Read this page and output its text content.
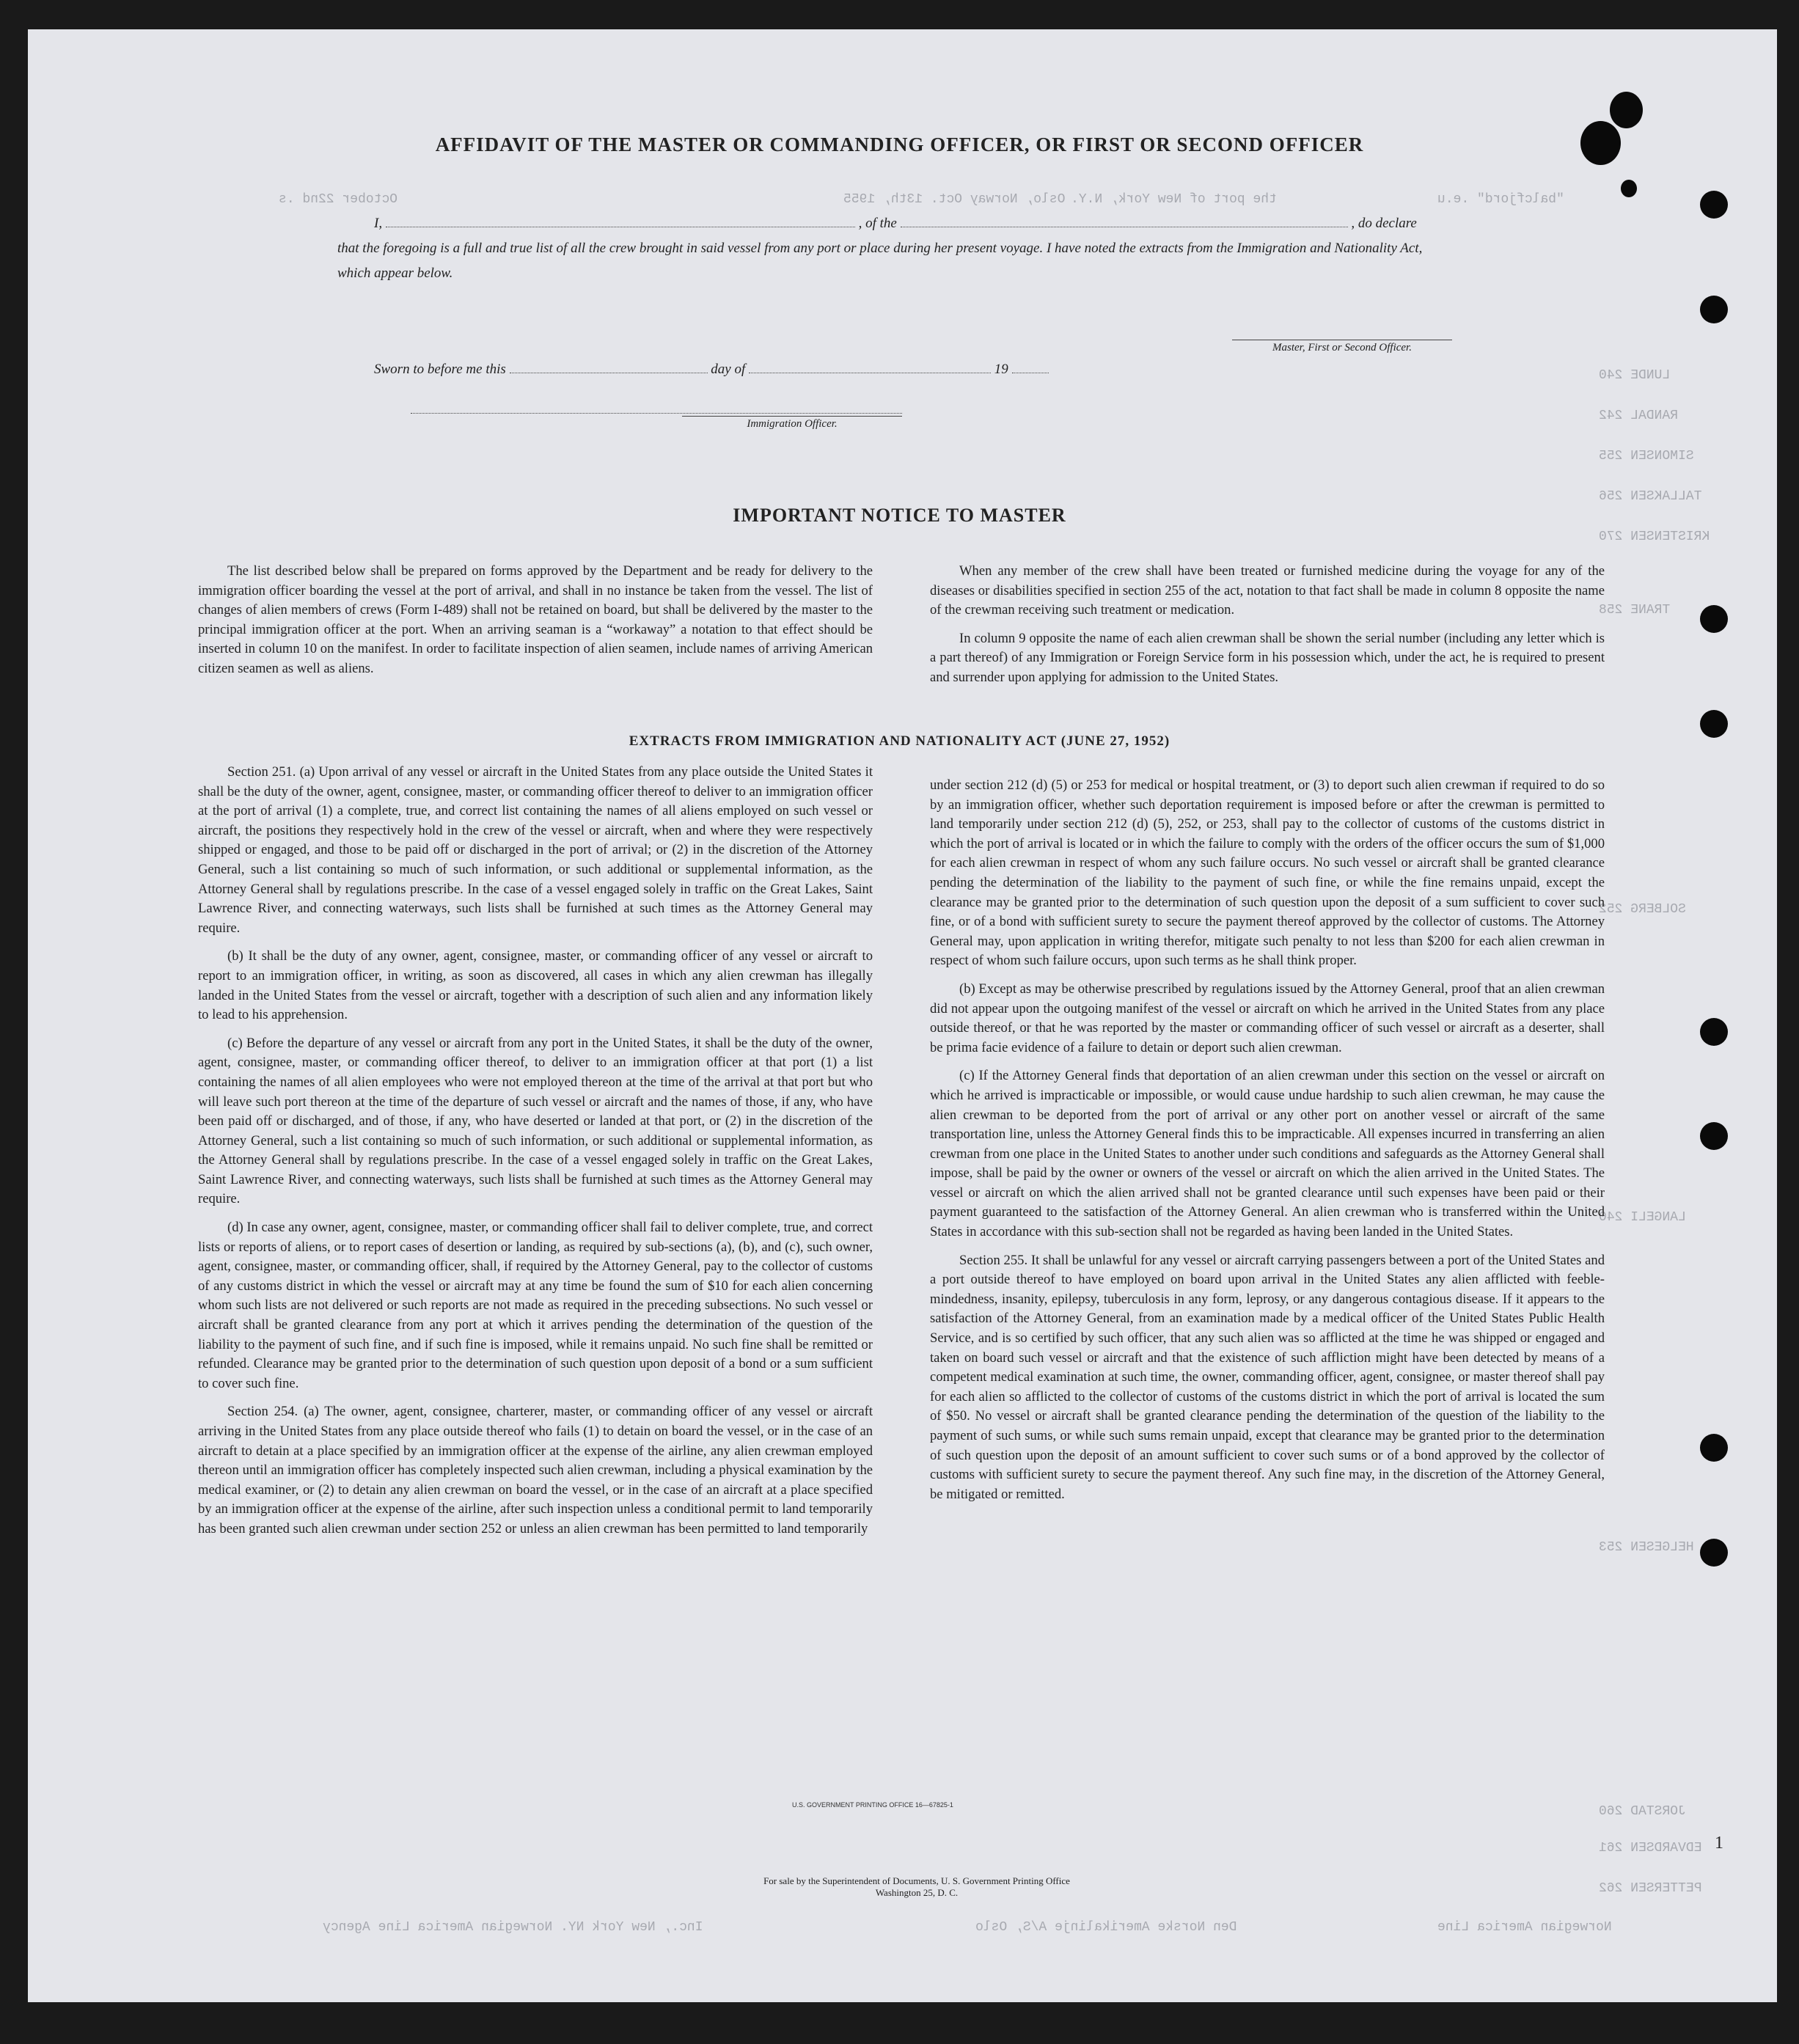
"balcfjord" .e.u
October 22nd .s	Oslo, Norway Oct. 13th, 1955 the port of New York, N.Y.
LUNDE 240
RANDAL 242
SIMONSEN 255
TALLAKSEN 256
KRISTENSEN 270
TRANE 258
SOLBERG 252
LANGELI 240
HELGESEN 253
JORSTAD 260
EDVARDSEN 261
PETTERSEN 262
Inc., New York NY. Norwegian America Line Agency	Den Norske Amerikalinje A/S, Oslo	Norwegian America Line
AFFIDAVIT OF THE MASTER OR COMMANDING OFFICER, OR FIRST OR SECOND OFFICER
I,	, of the	, do declare
that the foregoing is a full and true list of all the crew brought in said vessel from any port or place during her present voyage. I have noted the extracts from the Immigration and Nationality Act, which appear below.
Master, First or Second Officer.
Sworn to before me this	day of	19
Immigration Officer.
IMPORTANT NOTICE TO MASTER

The list described below shall be prepared on forms approved by the Department and be ready for delivery to the immigration officer boarding the vessel at the port of arrival, and shall in no instance be taken from the vessel. The list of changes of alien members of crews (Form I-489) shall not be retained on board, but shall be delivered by the master to the principal immigration officer at the port. When an arriving seaman is a “workaway” a notation to that effect should be inserted in column 10 on the manifest. In order to facilitate inspection of alien seamen, include names of arriving American citizen seamen as well as aliens.

When any member of the crew shall have been treated or furnished medicine during the voyage for any of the diseases or disabilities specified in section 255 of the act, notation to that fact shall be made in column 8 opposite the name of the crewman receiving such treatment or medication.

In column 9 opposite the name of each alien crewman shall be shown the serial number (including any letter which is a part thereof) of any Immigration or Foreign Service form in his possession which, under the act, he is required to present and surrender upon applying for admission to the United States.

EXTRACTS FROM IMMIGRATION AND NATIONALITY ACT (JUNE 27, 1952)

Section 251. (a) Upon arrival of any vessel or aircraft in the United States from any place outside the United States it shall be the duty of the owner, agent, consignee, master, or commanding officer thereof to deliver to an immigration officer at the port of arrival (1) a complete, true, and correct list containing the names of all aliens employed on such vessel or aircraft, the positions they respectively hold in the crew of the vessel or aircraft, when and where they were respectively shipped or engaged, and those to be paid off or discharged in the port of arrival; or (2) in the discretion of the Attorney General, such a list containing so much of such information, or such additional or supplemental information, as the Attorney General shall by regulations prescribe. In the case of a vessel engaged solely in traffic on the Great Lakes, Saint Lawrence River, and connecting waterways, such lists shall be furnished at such times as the Attorney General may require.

(b) It shall be the duty of any owner, agent, consignee, master, or commanding officer of any vessel or aircraft to report to an immigration officer, in writing, as soon as discovered, all cases in which any alien crewman has illegally landed in the United States from the vessel or aircraft, together with a description of such alien and any information likely to lead to his apprehension.

(c) Before the departure of any vessel or aircraft from any port in the United States, it shall be the duty of the owner, agent, consignee, master, or commanding officer thereof, to deliver to an immigration officer at that port (1) a list containing the names of all alien employees who were not employed thereon at the time of the arrival at that port but who will leave such port thereon at the time of the departure of such vessel or aircraft and the names of those, if any, who have been paid off or discharged, and of those, if any, who have deserted or landed at that port, or (2) in the discretion of the Attorney General, such a list containing so much of such information, or such additional or supplemental information, as the Attorney General shall by regulations prescribe. In the case of a vessel engaged solely in traffic on the Great Lakes, Saint Lawrence River, and connecting waterways, such lists shall be furnished at such times as the Attorney General may require.

(d) In case any owner, agent, consignee, master, or commanding officer shall fail to deliver complete, true, and correct lists or reports of aliens, or to report cases of desertion or landing, as required by sub-sections (a), (b), and (c), such owner, agent, consignee, master, or commanding officer, shall, if required by the Attorney General, pay to the collector of customs of any customs district in which the vessel or aircraft may at any time be found the sum of $10 for each alien concerning whom such lists are not delivered or such reports are not made as required in the preceding subsections. No such vessel or aircraft shall be granted clearance from any port at which it arrives pending the determination of the question of the liability to the payment of such fine, and if such fine is imposed, while it remains unpaid. No such fine shall be remitted or refunded. Clearance may be granted prior to the determination of such question upon deposit of a bond or a sum sufficient to cover such fine.

Section 254. (a) The owner, agent, consignee, charterer, master, or commanding officer of any vessel or aircraft arriving in the United States from any place outside thereof who fails (1) to detain on board the vessel, or in the case of an aircraft to detain at a place specified by an immigration officer at the expense of the airline, any alien crewman employed thereon until an immigration officer has completely inspected such alien crewman, including a physical examination by the medical examiner, or (2) to detain any alien crewman on board the vessel, or in the case of an aircraft at a place specified by an immigration officer at the expense of the airline, after such inspection unless a conditional permit to land temporarily has been granted such alien crewman under section 252 or unless an alien crewman has been permitted to land temporarily

under section 212 (d) (5) or 253 for medical or hospital treatment, or (3) to deport such alien crewman if required to do so by an immigration officer, whether such deportation requirement is imposed before or after the crewman is permitted to land temporarily under section 212 (d) (5), 252, or 253, shall pay to the collector of customs of the customs district in which the port of arrival is located or in which the failure to comply with the orders of the officer occurs the sum of $1,000 for each alien crewman in respect of whom any such failure occurs. No such vessel or aircraft shall be granted clearance pending the determination of the liability to the payment of such fine, or while the fine remains unpaid, except the clearance may be granted prior to the determination of such question upon the deposit of a sum sufficient to cover such fine, or of a bond with sufficient surety to secure the payment thereof approved by the collector of customs. The Attorney General may, upon application in writing therefor, mitigate such penalty to not less than $200 for each alien crewman in respect of whom such failure occurs, upon such terms as he shall think proper.

(b) Except as may be otherwise prescribed by regulations issued by the Attorney General, proof that an alien crewman did not appear upon the outgoing manifest of the vessel or aircraft on which he arrived in the United States from any place outside thereof, or that he was reported by the master or commanding officer of such vessel or aircraft as a deserter, shall be prima facie evidence of a failure to detain or deport such alien crewman.

(c) If the Attorney General finds that deportation of an alien crewman under this section on the vessel or aircraft on which he arrived is impracticable or impossible, or would cause undue hardship to such alien crewman, he may cause the alien crewman to be deported from the port of arrival or any other port on another vessel or aircraft of the same transportation line, unless the Attorney General finds this to be impracticable. All expenses incurred in transferring an alien crewman from one place in the United States to another under such conditions and safeguards as the Attorney General shall impose, shall be paid by the owner or owners of the vessel or aircraft on which the alien arrived in the United States. The vessel or aircraft on which the alien arrived shall not be granted clearance until such expenses have been paid or their payment guaranteed to the satisfaction of the Attorney General. An alien crewman who is transferred within the United States in accordance with this sub-section shall not be regarded as having been landed in the United States.

Section 255. It shall be unlawful for any vessel or aircraft carrying passengers between a port of the United States and a port outside thereof to have employed on board upon arrival in the United States any alien afflicted with feeble-mindedness, insanity, epilepsy, tuberculosis in any form, leprosy, or any dangerous contagious disease. If it appears to the satisfaction of the Attorney General, from an examination made by a medical officer of the United States Public Health Service, and is so certified by such officer, that any such alien was so afflicted at the time he was shipped or engaged and taken on board such vessel or aircraft and that the existence of such affliction might have been detected by means of a competent medical examination at such time, the owner, commanding officer, agent, consignee, or master thereof shall pay for each alien so afflicted to the collector of customs of the customs district in which the port of arrival is located the sum of $50. No vessel or aircraft shall be granted clearance pending the determination of the question of the liability to the payment of such sums, or while such sums remain unpaid, except that clearance may be granted prior to the determination of such question upon the deposit of an amount sufficient to cover such sums or of a bond approved by the collector of customs with sufficient surety to secure the payment thereof. Any such fine may, in the discretion of the Attorney General, be mitigated or remitted.

U.S. GOVERNMENT PRINTING OFFICE 16—67825-1
For sale by the Superintendent of Documents, U. S. Government Printing Office
Washington 25, D. C.
1
